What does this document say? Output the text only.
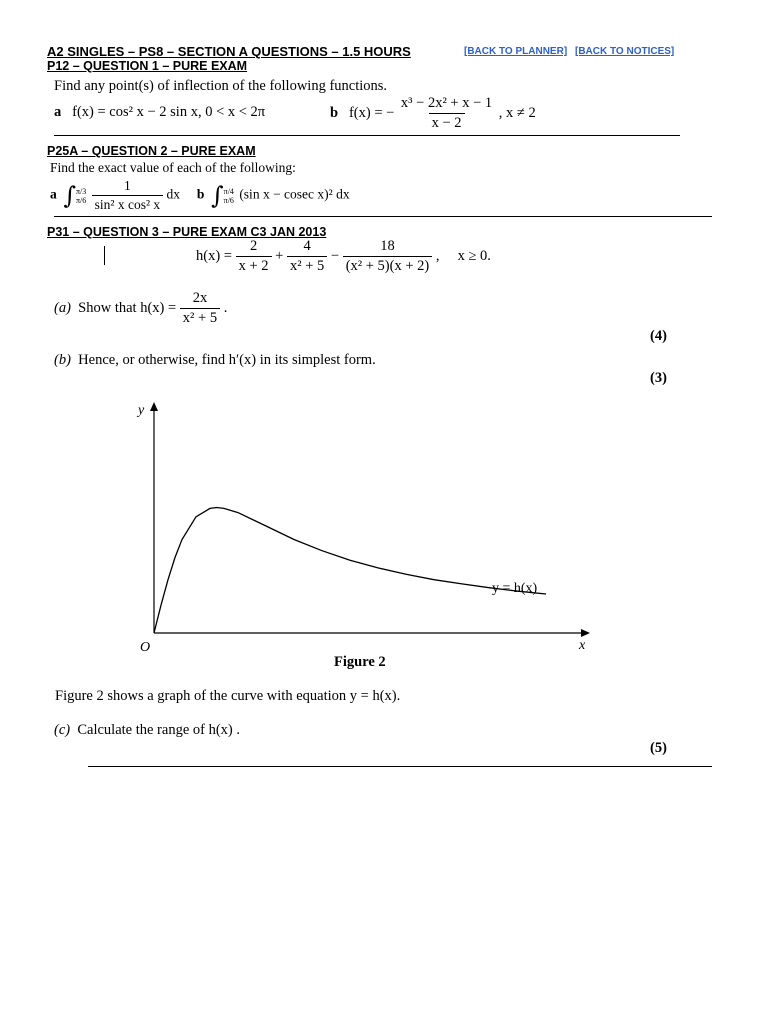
A2 SINGLES – PS8 – SECTION A QUESTIONS – 1.5 HOURS	[BACK TO PLANNER] [BACK TO NOTICES]
P12 – QUESTION 1 – PURE EXAM
Find any point(s) of inflection of the following functions.
a f(x) = cos² x − 2 sin x, 0 < x < 2π	b f(x) = − $\frac{\text{x³ − 2x² + x − 1}}{x - 2}$ , x ≠ 2
P25A – QUESTION 2 – PURE EXAM
Find the exact value of each of the following:
a ∫ π/3
π/6
$\frac{1}{\text{sin² x cos² x}}$ dx b ∫ π/4
π/6 (sin x − cosec x)² dx
P31 – QUESTION 3 – PURE EXAM C3 JAN 2013
$h(x) = \frac{2}{x + 2} + \frac{4}{\text{x² + 5}} - \frac{18}{\text{(x² + 5)(x + 2)}}$ ,     x ≥ 0.
(a) Show that $h(x) = \frac{2x}{\text{x² + 5}}$ .
(4)
(b) Hence, or otherwise, find h′(x) in its simplest form.
(3)
y
x
O
y = h(x)
Figure 2
Figure 2 shows a graph of the curve with equation y = h(x).
(c) Calculate the range of h(x) .
(5)
